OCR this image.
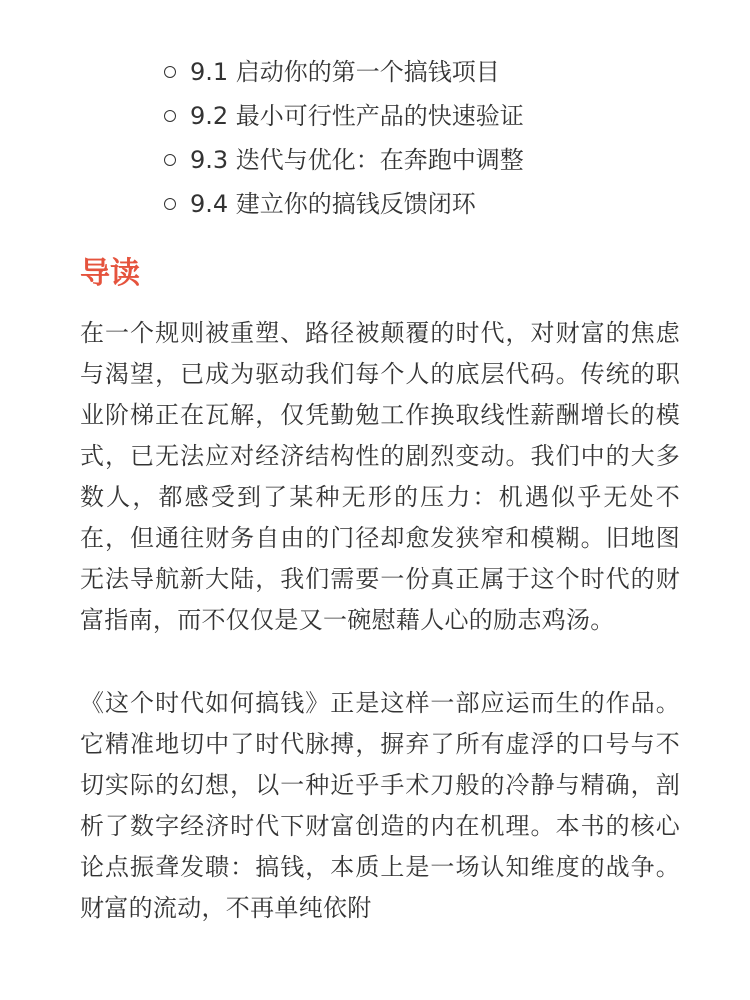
9.1 启动你的第一个搞钱项目
9.2 最小可行性产品的快速验证
9.3 迭代与优化：在奔跑中调整
9.4 建立你的搞钱反馈闭环
导读

在一个规则被重塑、路径被颠覆的时代，对财富的焦虑与渴望，已成为驱动我们每个人的底层代码。传统的职业阶梯正在瓦解，仅凭勤勉工作换取线性薪酬增长的模式，已无法应对经济结构性的剧烈变动。我们中的大多数人，都感受到了某种无形的压力：机遇似乎无处不在，但通往财务自由的门径却愈发狭窄和模糊。旧地图无法导航新大陆，我们需要一份真正属于这个时代的财富指南，而不仅仅是又一碗慰藉人心的励志鸡汤。

《这个时代如何搞钱》正是这样一部应运而生的作品。它精准地切中了时代脉搏，摒弃了所有虚浮的口号与不切实际的幻想，以一种近乎手术刀般的冷静与精确，剖析了数字经济时代下财富创造的内在机理。本书的核心论点振聋发聩：搞钱，本质上是一场认知维度的战争。财富的流动，不再单纯依附
